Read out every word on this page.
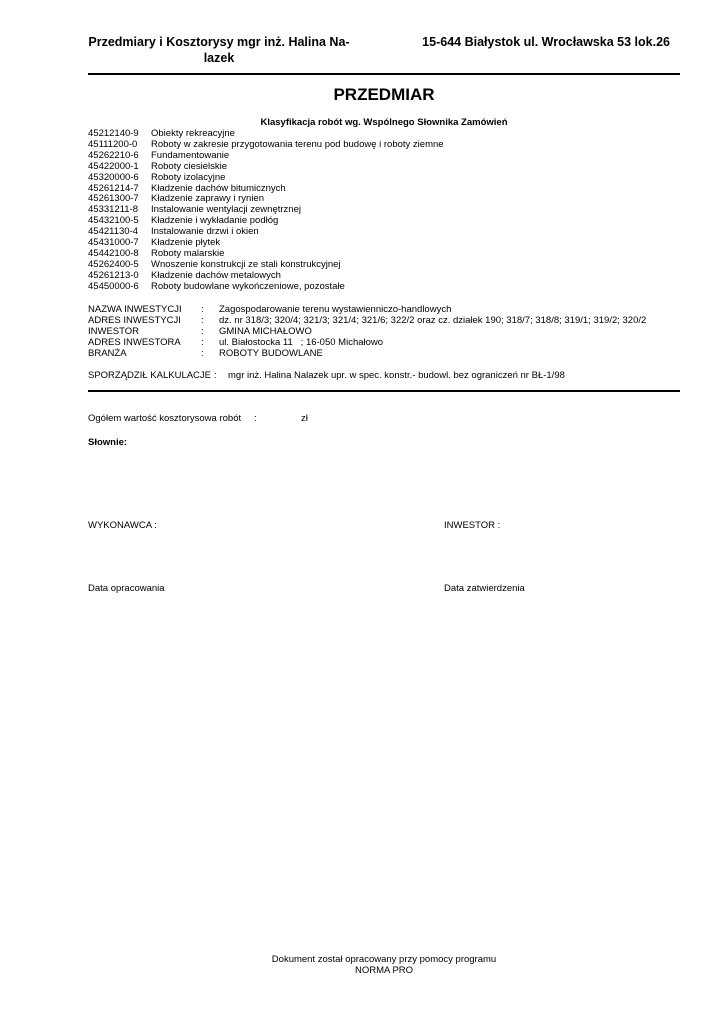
Przedmiary i Kosztorysy mgr inż. Halina Na-
lazek
15-644 Białystok ul. Wrocławska 53 lok.26
PRZEDMIAR
Klasyfikacja robót wg. Wspólnego Słownika Zamówień
45212140-9	Obiekty rekreacyjne
45111200-0	Roboty w zakresie przygotowania terenu pod budowę i roboty ziemne
45262210-6	Fundamentowanie
45422000-1	Roboty ciesielskie
45320000-6	Roboty izolacyjne
45261214-7	Kładzenie dachów bitumicznych
45261300-7	Kładzenie zaprawy i rynien
45331211-8	Instalowanie wentylacji zewnętrznej
45432100-5	Kładzenie i wykładanie podłóg
45421130-4	Instalowanie drzwi i okien
45431000-7	Kładzenie płytek
45442100-8	Roboty malarskie
45262400-5	Wnoszenie konstrukcji ze stali konstrukcyjnej
45261213-0	Kładzenie dachów metalowych
45450000-6	Roboty budowlane wykończeniowe, pozostałe
NAZWA INWESTYCJI	:	Zagospodarowanie terenu wystawienniczo-handlowych
ADRES INWESTYCJI	:	dz. nr 318/3; 320/4; 321/3; 321/4; 321/6; 322/2 oraz cz. działek 190; 318/7; 318/8; 319/1; 319/2; 320/2
INWESTOR	:	GMINA MICHAŁOWO
ADRES INWESTORA	:	ul. Białostocka 11   ; 16-050 Michałowo
BRANŻA	:	ROBOTY BUDOWLANE
SPORZĄDZIŁ KALKULACJE :	mgr inż. Halina Nalazek upr. w spec. konstr.- budowl. bez ograniczeń nr BŁ-1/98
Ogółem wartość kosztorysowa robót :	zł
Słownie:
WYKONAWCA :	INWESTOR :
Data opracowania	Data zatwierdzenia
Dokument został opracowany przy pomocy programu
NORMA PRO
